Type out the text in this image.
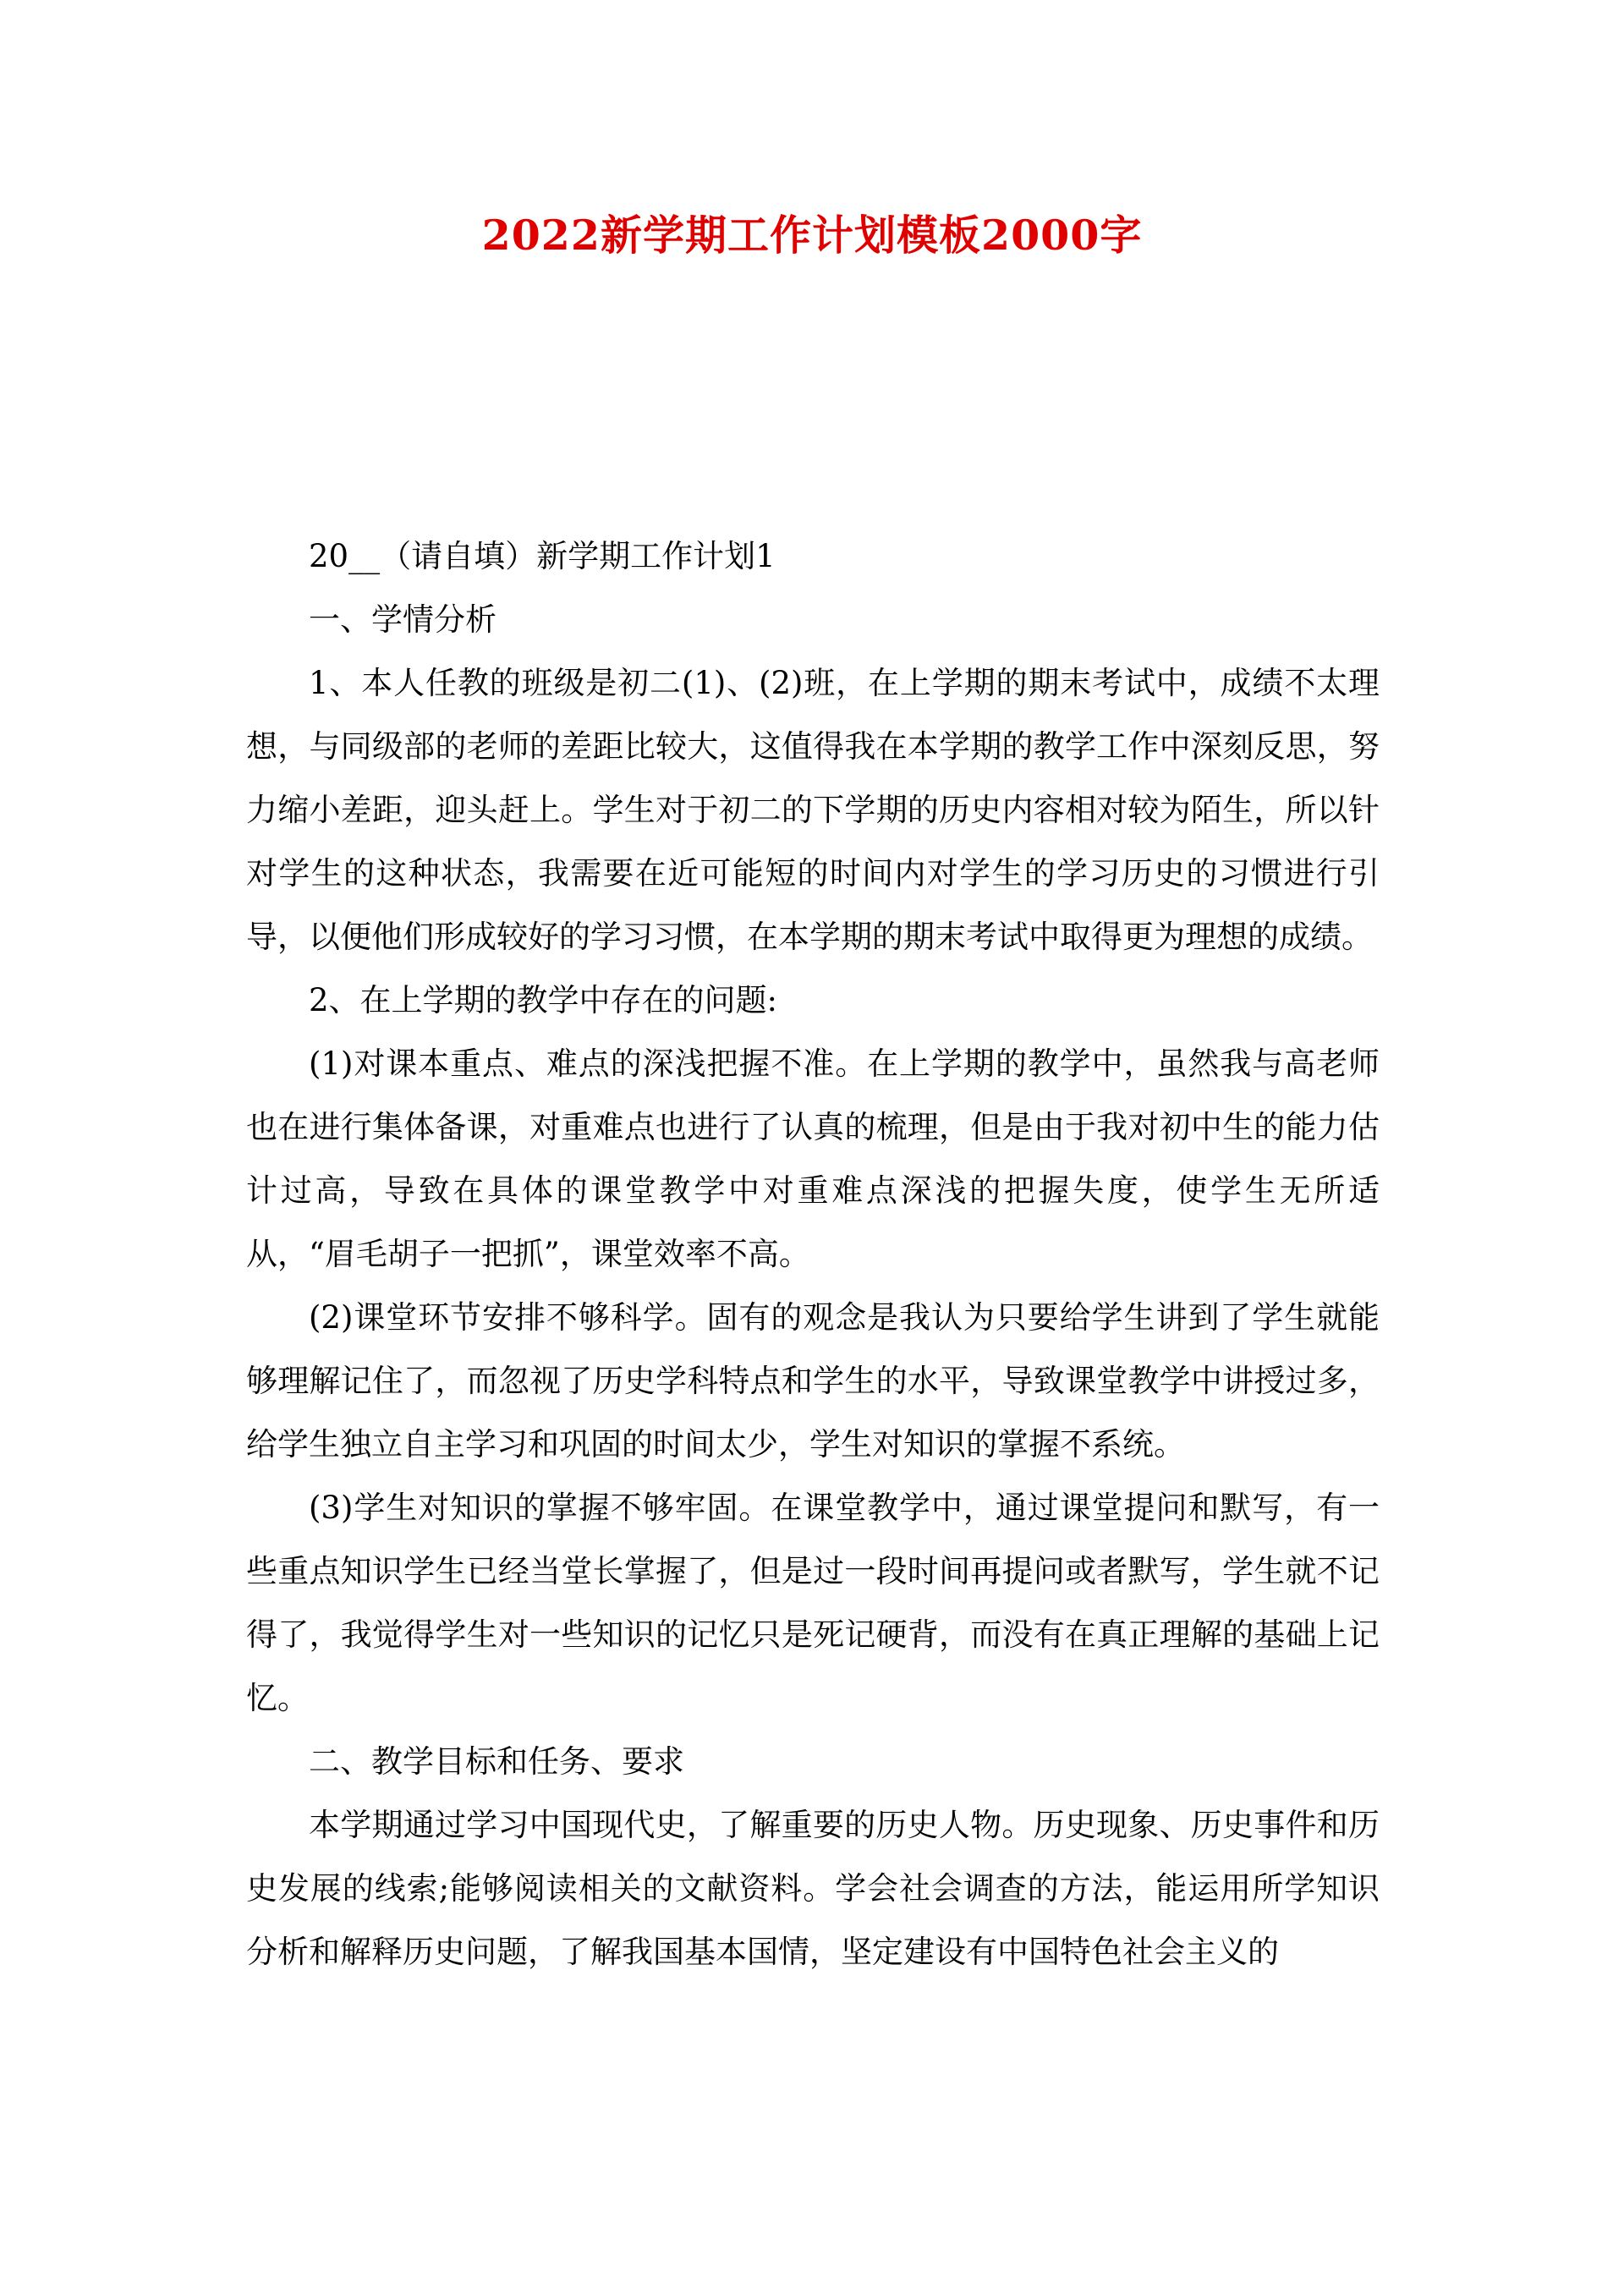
2022新学期工作计划模板2000字

20__（请自填）新学期工作计划1

一、学情分析

1、本人任教的班级是初二(1)、(2)班，在上学期的期末考试中，成绩不太理想，与同级部的老师的差距比较大，这值得我在本学期的教学工作中深刻反思，努力缩小差距，迎头赶上。学生对于初二的下学期的历史内容相对较为陌生，所以针对学生的这种状态，我需要在近可能短的时间内对学生的学习历史的习惯进行引导，以便他们形成较好的学习习惯，在本学期的期末考试中取得更为理想的成绩。

2、在上学期的教学中存在的问题:

(1)对课本重点、难点的深浅把握不准。在上学期的教学中，虽然我与高老师也在进行集体备课，对重难点也进行了认真的梳理，但是由于我对初中生的能力估计过高，导致在具体的课堂教学中对重难点深浅的把握失度，使学生无所适从，“眉毛胡子一把抓”，课堂效率不高。

(2)课堂环节安排不够科学。固有的观念是我认为只要给学生讲到了学生就能够理解记住了，而忽视了历史学科特点和学生的水平，导致课堂教学中讲授过多，给学生独立自主学习和巩固的时间太少，学生对知识的掌握不系统。

(3)学生对知识的掌握不够牢固。在课堂教学中，通过课堂提问和默写，有一些重点知识学生已经当堂长掌握了，但是过一段时间再提问或者默写，学生就不记得了，我觉得学生对一些知识的记忆只是死记硬背，而没有在真正理解的基础上记忆。

二、教学目标和任务、要求

本学期通过学习中国现代史，了解重要的历史人物。历史现象、历史事件和历史发展的线索;能够阅读相关的文献资料。学会社会调查的方法，能运用所学知识分析和解释历史问题，了解我国基本国情，坚定建设有中国特色社会主义的
